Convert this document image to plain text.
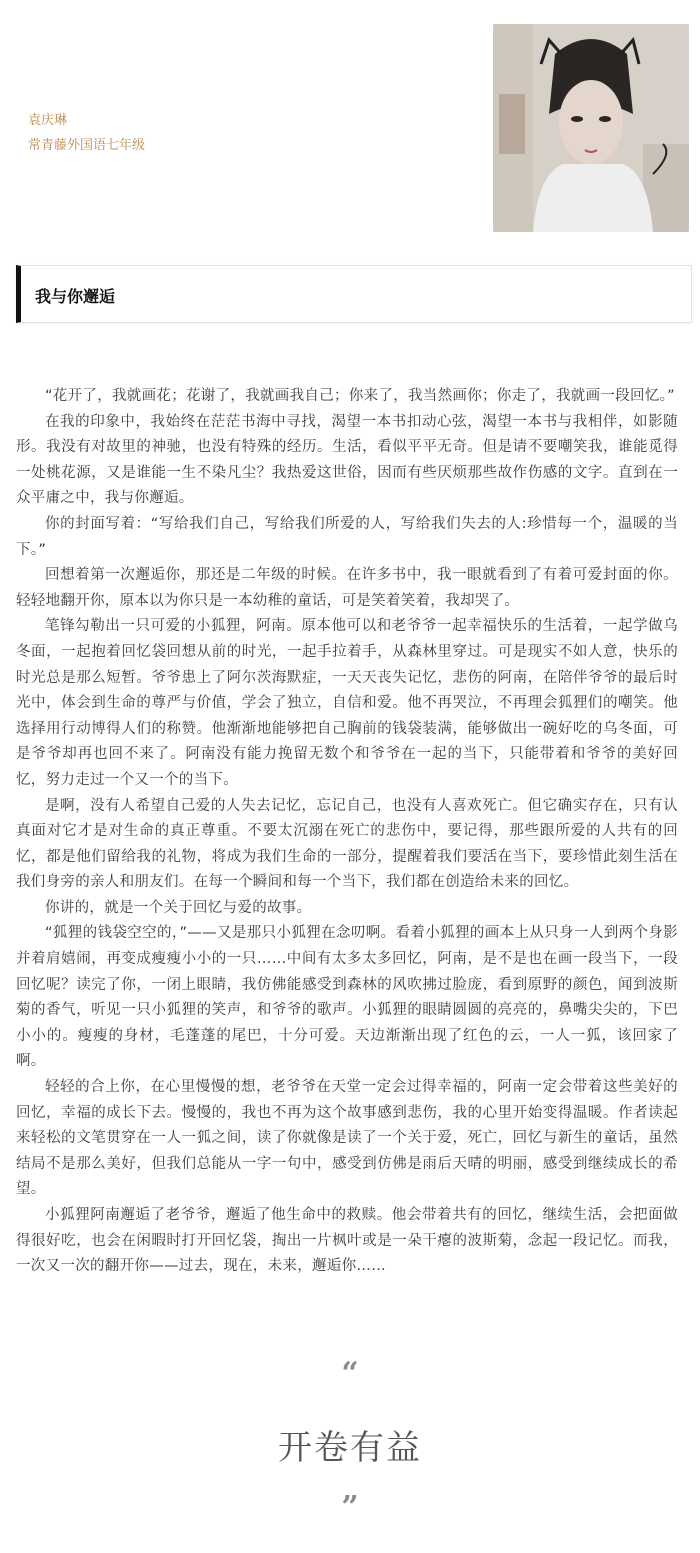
袁庆琳
常青藤外国语七年级
我与你邂逅

“花开了，我就画花；花谢了，我就画我自己；你来了，我当然画你；你走了，我就画一段回忆。”

在我的印象中，我始终在茫茫书海中寻找，渴望一本书扣动心弦，渴望一本书与我相伴，如影随形。我没有对故里的神驰，也没有特殊的经历。生活，看似平平无奇。但是请不要嘲笑我，谁能觅得一处桃花源，又是谁能一生不染凡尘？我热爱这世俗，因而有些厌烦那些故作伤感的文字。直到在一众平庸之中，我与你邂逅。

你的封面写着：“写给我们自己，写给我们所爱的人，写给我们失去的人:珍惜每一个，温暖的当下。”

回想着第一次邂逅你，那还是二年级的时候。在许多书中，我一眼就看到了有着可爱封面的你。轻轻地翻开你，原本以为你只是一本幼稚的童话，可是笑着笑着，我却哭了。

笔锋勾勒出一只可爱的小狐狸，阿南。原本他可以和老爷爷一起幸福快乐的生活着，一起学做乌冬面，一起抱着回忆袋回想从前的时光，一起手拉着手，从森林里穿过。可是现实不如人意，快乐的时光总是那么短暂。爷爷患上了阿尔茨海默症，一天天丧失记忆，悲伤的阿南，在陪伴爷爷的最后时光中，体会到生命的尊严与价值，学会了独立，自信和爱。他不再哭泣，不再理会狐狸们的嘲笑。他选择用行动博得人们的称赞。他渐渐地能够把自己胸前的钱袋装满，能够做出一碗好吃的乌冬面，可是爷爷却再也回不来了。阿南没有能力挽留无数个和爷爷在一起的当下，只能带着和爷爷的美好回忆，努力走过一个又一个的当下。

是啊，没有人希望自己爱的人失去记忆，忘记自己，也没有人喜欢死亡。但它确实存在，只有认真面对它才是对生命的真正尊重。不要太沉溺在死亡的悲伤中，要记得，那些跟所爱的人共有的回忆，都是他们留给我的礼物，将成为我们生命的一部分，提醒着我们要活在当下，要珍惜此刻生活在我们身旁的亲人和朋友们。在每一个瞬间和每一个当下，我们都在创造给未来的回忆。

你讲的，就是一个关于回忆与爱的故事。

“狐狸的钱袋空空的，”——又是那只小狐狸在念叨啊。看着小狐狸的画本上从只身一人到两个身影并着肩嬉闹，再变成瘦瘦小小的一只……中间有太多太多回忆，阿南，是不是也在画一段当下，一段回忆呢？读完了你，一闭上眼睛，我仿佛能感受到森林的风吹拂过脸庞，看到原野的颜色，闻到波斯菊的香气，听见一只小狐狸的笑声，和爷爷的歌声。小狐狸的眼睛圆圆的亮亮的，鼻嘴尖尖的，下巴小小的。瘦瘦的身材，毛蓬蓬的尾巴，十分可爱。天边渐渐出现了红色的云，一人一狐，该回家了啊。

轻轻的合上你，在心里慢慢的想，老爷爷在天堂一定会过得幸福的，阿南一定会带着这些美好的回忆，幸福的成长下去。慢慢的，我也不再为这个故事感到悲伤，我的心里开始变得温暖。作者读起来轻松的文笔贯穿在一人一狐之间，读了你就像是读了一个关于爱，死亡，回忆与新生的童话，虽然结局不是那么美好，但我们总能从一字一句中，感受到仿佛是雨后天晴的明丽，感受到继续成长的希望。

小狐狸阿南邂逅了老爷爷，邂逅了他生命中的救赎。他会带着共有的回忆，继续生活，会把面做得很好吃，也会在闲暇时打开回忆袋，掏出一片枫叶或是一朵干瘪的波斯菊，念起一段记忆。而我，一次又一次的翻开你——过去，现在，未来，邂逅你……

“
开卷有益
”
